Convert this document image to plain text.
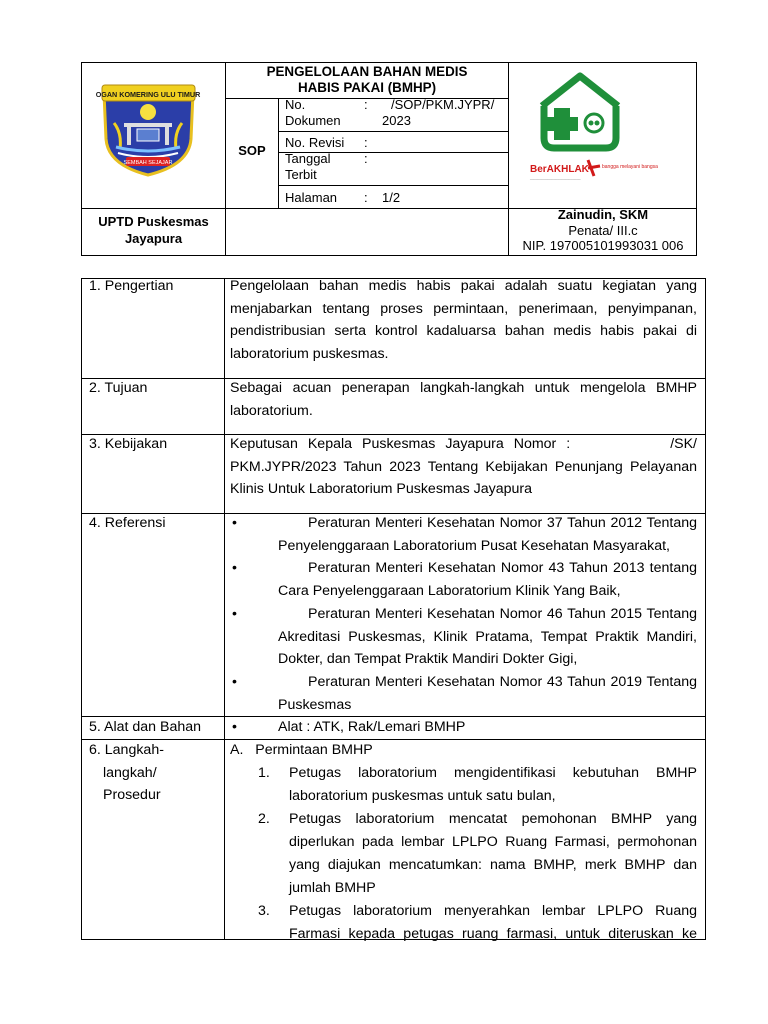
OGAN KOMERING ULU TIMUR
SEMBAH SEJAJAR
PENGELOLAAN BAHAN MEDIS
HABIS PAKAI (BMHP)
SOP
No. Dokumen
:	/SOP/PKM.JYPR/ 2023
No. Revisi :
Tanggal Terbit
:
Halaman : 1/2
BerAKHLAK
__________________________
bangga melayani bangsa
UPTD Puskesmas
Jayapura
Zainudin, SKM
Penata/ III.c
NIP. 197005101993031 006
1. Pengertian	Pengelolaan bahan medis habis pakai adalah suatu kegiatan yang menjabarkan tentang proses permintaan, penerimaan, penyimpanan, pendistribusian serta kontrol kadaluarsa bahan medis habis pakai di laboratorium puskesmas.
2. Tujuan	Sebagai acuan penerapan langkah-langkah untuk mengelola BMHP laboratorium.
3. Kebijakan	Keputusan Kepala Puskesmas Jayapura Nomor :          /SK/ PKM.JYPR/2023 Tahun 2023 Tentang Kebijakan Penunjang Pelayanan Klinis Untuk Laboratorium Puskesmas Jayapura
4. Referensi	•	Peraturan Menteri Kesehatan Nomor 37 Tahun 2012 Tentang Penyelenggaraan Laboratorium Pusat Kesehatan Masyarakat,
•	Peraturan Menteri Kesehatan Nomor 43 Tahun 2013 tentang Cara Penyelenggaraan Laboratorium Klinik Yang Baik,
•	Peraturan Menteri Kesehatan Nomor 46 Tahun 2015 Tentang Akreditasi Puskesmas, Klinik Pratama, Tempat Praktik Mandiri, Dokter, dan Tempat Praktik Mandiri Dokter Gigi,
•	Peraturan Menteri Kesehatan Nomor 43 Tahun 2019 Tentang Puskesmas
5. Alat dan Bahan •	Alat : ATK, Rak/Lemari BMHP
6. Langkah-
langkah/
Prosedur
A.   Permintaan BMHP
1.	Petugas laboratorium mengidentifikasi kebutuhan BMHP laboratorium puskesmas untuk satu bulan,
2.	Petugas laboratorium mencatat pemohonan BMHP yang diperlukan pada lembar LPLPO Ruang Farmasi, permohonan yang diajukan mencatumkan: nama BMHP, merk BMHP dan jumlah BMHP
3.	Petugas laboratorium menyerahkan lembar LPLPO Ruang Farmasi kepada petugas ruang farmasi, untuk diteruskan ke
